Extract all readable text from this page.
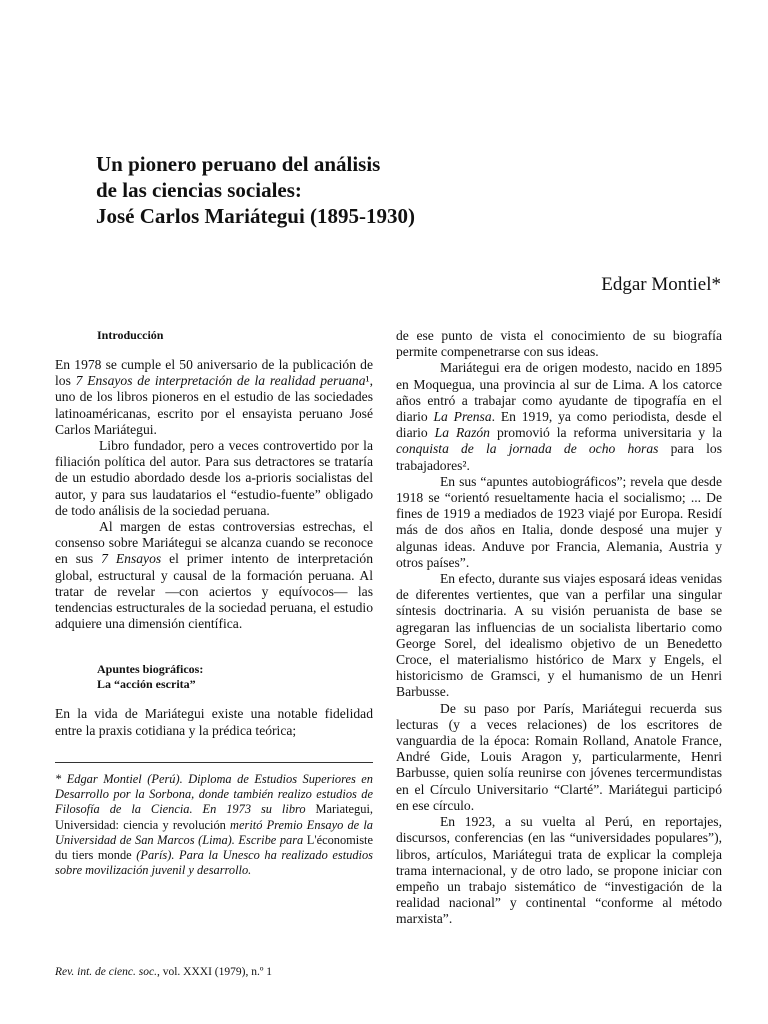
Un pionero peruano del análisis
de las ciencias sociales:
José Carlos Mariátegui (1895-1930)
Edgar Montiel*
Introducción

En 1978 se cumple el 50 aniversario de la publicación de los 7 Ensayos de interpretación de la realidad peruana¹, uno de los libros pioneros en el estudio de las sociedades latinoaméricanas, escrito por el ensayista peruano José Carlos Mariátegui.

Libro fundador, pero a veces controvertido por la filiación política del autor. Para sus detractores se trataría de un estudio abordado desde los a-prioris socialistas del autor, y para sus laudatarios el “estudio-fuente” obligado de todo análisis de la sociedad peruana.

Al margen de estas controversias estrechas, el consenso sobre Mariátegui se alcanza cuando se reconoce en sus 7 Ensayos el primer intento de interpretación global, estructural y causal de la formación peruana. Al tratar de revelar —con aciertos y equívocos— las tendencias estructurales de la sociedad peruana, el estudio adquiere una dimensión científica.

Apuntes biográficos:
La “acción escrita”

En la vida de Mariátegui existe una notable fidelidad entre la praxis cotidiana y la prédica teórica;

* Edgar Montiel (Perú). Diploma de Estudios Superiores en Desarrollo por la Sorbona, donde también realizo estudios de Filosofía de la Ciencia. En 1973 su libro Mariategui, Universidad: ciencia y revolución meritó Premio Ensayo de la Universidad de San Marcos (Lima). Escribe para L'économiste du tiers monde (París). Para la Unesco ha realizado estudios sobre movilización juvenil y desarrollo.

de ese punto de vista el conocimiento de su biografía permite compenetrarse con sus ideas.

Mariátegui era de origen modesto, nacido en 1895 en Moquegua, una provincia al sur de Lima. A los catorce años entró a trabajar como ayudante de tipografía en el diario La Prensa. En 1919, ya como periodista, desde el diario La Razón promovió la reforma universitaria y la conquista de la jornada de ocho horas para los trabajadores².

En sus “apuntes autobiográficos”; revela que desde 1918 se “orientó resueltamente hacia el socialismo; ... De fines de 1919 a mediados de 1923 viajé por Europa. Residí más de dos años en Italia, donde desposé una mujer y algunas ideas. Anduve por Francia, Alemania, Austria y otros países”.

En efecto, durante sus viajes esposará ideas venidas de diferentes vertientes, que van a perfilar una singular síntesis doctrinaria. A su visión peruanista de base se agregaran las influencias de un socialista libertario como George Sorel, del idealismo objetivo de un Benedetto Croce, el materialismo histórico de Marx y Engels, el historicismo de Gramsci, y el humanismo de un Henri Barbusse.

De su paso por París, Mariátegui recuerda sus lecturas (y a veces relaciones) de los escritores de vanguardia de la época: Romain Rolland, Anatole France, André Gide, Louis Aragon y, particularmente, Henri Barbusse, quien solía reunirse con jóvenes tercermundistas en el Círculo Universitario “Clarté”. Mariátegui participó en ese círculo.

En 1923, a su vuelta al Perú, en reportajes, discursos, conferencias (en las “universidades populares”), libros, artículos, Mariátegui trata de explicar la compleja trama internacional, y de otro lado, se propone iniciar con empeño un trabajo sistemático de “investigación de la realidad nacional” y continental “conforme al método marxista”.

Rev. int. de cienc. soc., vol. XXXI (1979), n.º 1
